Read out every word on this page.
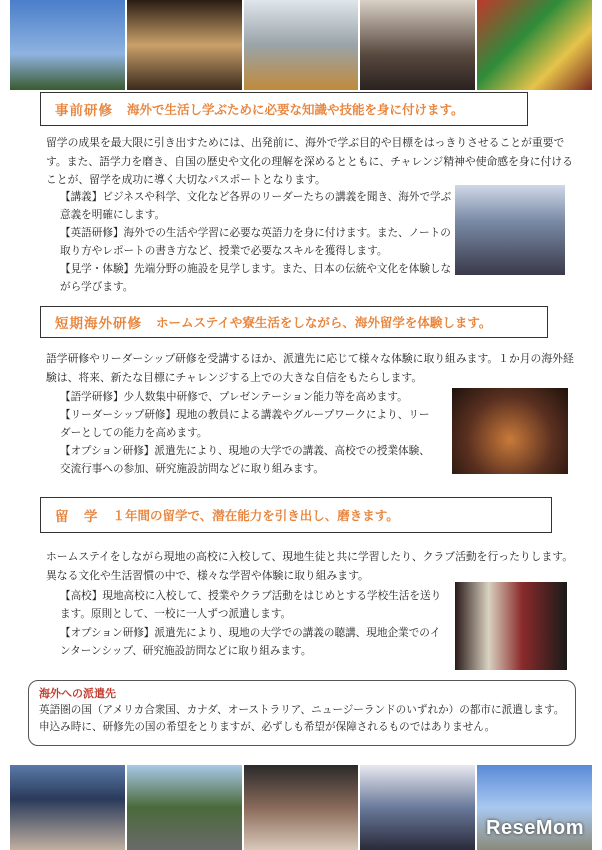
事前研修 海外で生活し学ぶために必要な知識や技能を身に付けます。

留学の成果を最大限に引き出すためには、出発前に、海外で学ぶ目的や目標をはっきりさせることが重要です。また、語学力を磨き、自国の歴史や文化の理解を深めるとともに、チャレンジ精神や使命感を身に付けることが、留学を成功に導く大切なパスポートとなります。

【講義】ビジネスや科学、文化など各界のリーダーたちの講義を聞き、海外で学ぶ意義を明確にします。
【英語研修】海外での生活や学習に必要な英語力を身に付けます。また、ノートの取り方やレポートの書き方など、授業で必要なスキルを獲得します。
【見学・体験】先端分野の施設を見学します。また、日本の伝統や文化を体験しながら学びます。
短期海外研修 ホームステイや寮生活をしながら、海外留学を体験します。

語学研修やリーダーシップ研修を受講するほか、派遣先に応じて様々な体験に取り組みます。１か月の海外経験は、将来、新たな目標にチャレンジする上での大きな自信をもたらします。

【語学研修】少人数集中研修で、プレゼンテーション能力等を高めます。
【リーダーシップ研修】現地の教員による講義やグループワークにより、リーダーとしての能力を高めます。
【オプション研修】派遣先により、現地の大学での講義、高校での授業体験、交流行事への参加、研究施設訪問などに取り組みます。
留　学 １年間の留学で、潜在能力を引き出し、磨きます。

ホームステイをしながら現地の高校に入校して、現地生徒と共に学習したり、クラブ活動を行ったりします。異なる文化や生活習慣の中で、様々な学習や体験に取り組みます。

【高校】現地高校に入校して、授業やクラブ活動をはじめとする学校生活を送ります。原則として、一校に一人ずつ派遣します。
【オプション研修】派遣先により、現地の大学での講義の聴講、現地企業でのインターンシップ、研究施設訪問などに取り組みます。
海外への派遣先
英語圏の国（アメリカ合衆国、カナダ、オーストラリア、ニュージーランドのいずれか）の都市に派遣します。申込み時に、研修先の国の希望をとりますが、必ずしも希望が保障されるものではありません。
ReseMom
